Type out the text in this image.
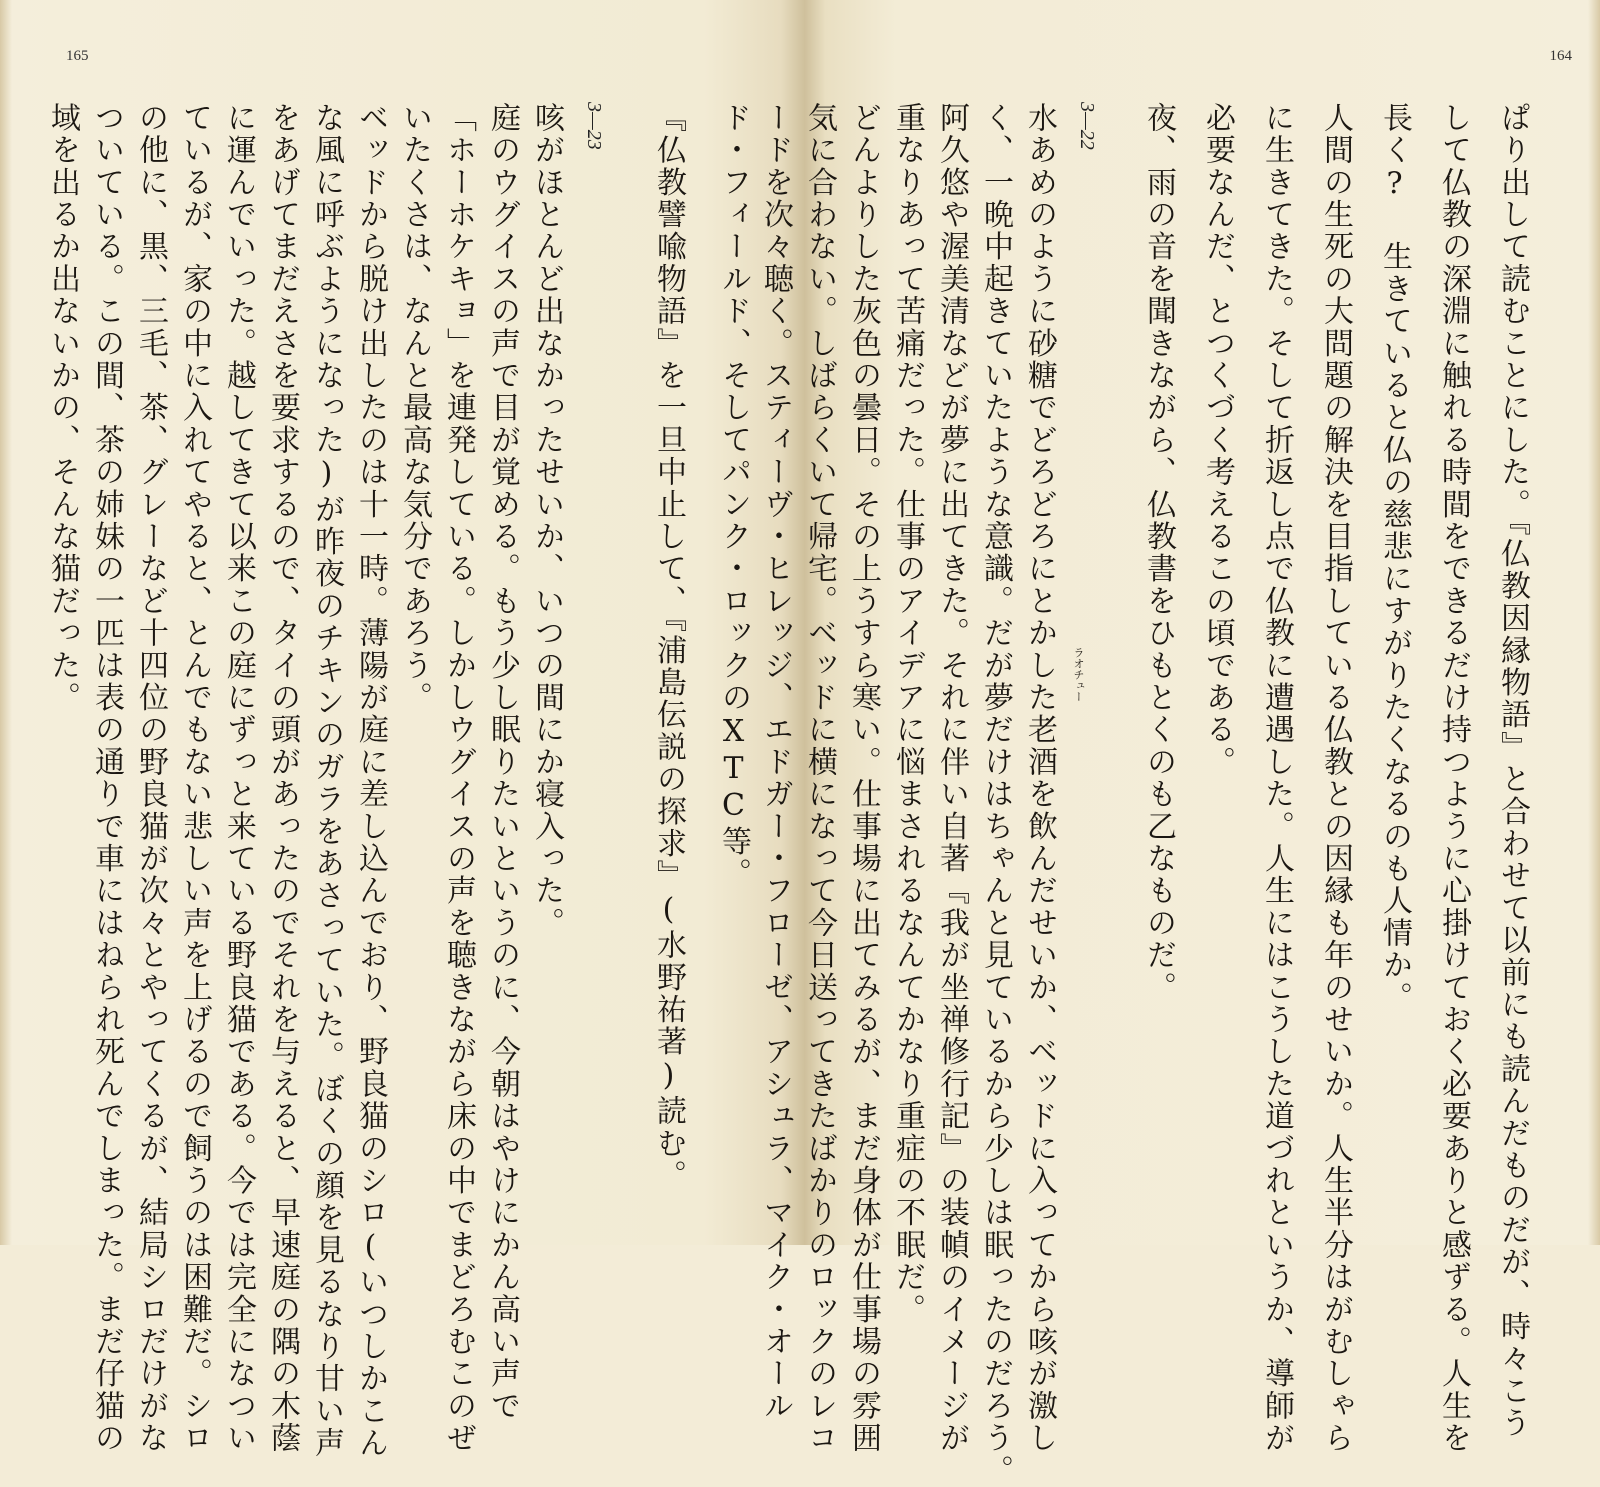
165
ド・フィールド、そしてパンク・ロックのXTC等。
『仏教譬喩物語』を一旦中止して、『浦島伝説の探求』(水野祐著)読む。
3—23
咳がほとんど出なかったせいか、いつの間にか寝入った。
庭のウグイスの声で目が覚める。もう少し眠りたいというのに、今朝はやけにかん高い声で
「ホーホケキョ」を連発している。しかしウグイスの声を聴きながら床の中でまどろむこのぜ
いたくさは、なんと最高な気分であろう。
ベッドから脱け出したのは十一時。薄陽が庭に差し込んでおり、野良猫のシロ(いつしかこん
な風に呼ぶようになった)が昨夜のチキンのガラをあさっていた。ぼくの顔を見るなり甘い声
をあげてまだえさを要求するので、タイの頭があったのでそれを与えると、早速庭の隅の木蔭
に運んでいった。越してきて以来この庭にずっと来ている野良猫である。今では完全になつい
ているが、家の中に入れてやると、とんでもない悲しい声を上げるので飼うのは困難だ。シロ
の他に、黒、三毛、茶、グレーなど十四位の野良猫が次々とやってくるが、結局シロだけがな
ついている。この間、茶の姉妹の一匹は表の通りで車にはねられ死んでしまった。まだ仔猫の
域を出るか出ないかの、そんな猫だった。
164
ぱり出して読むことにした。『仏教因縁物語』と合わせて以前にも読んだものだが、時々こう
して仏教の深淵に触れる時間をできるだけ持つように心掛けておく必要ありと感ずる。人生を
長く? 生きていると仏の慈悲にすがりたくなるのも人情か。
人間の生死の大問題の解決を目指している仏教との因縁も年のせいか。人生半分はがむしゃら
に生きてきた。そして折返し点で仏教に遭遇した。人生にはこうした道づれというか、導師が
必要なんだ、とつくづく考えるこの頃である。
夜、雨の音を聞きながら、仏教書をひもとくのも乙なものだ。
3—22
ラオチュー
水あめのように砂糖でどろどろにとかした老酒を飲んだせいか、ベッドに入ってから咳が激し
く、一晩中起きていたような意識。だが夢だけはちゃんと見ているから少しは眠ったのだろう。
阿久悠や渥美清などが夢に出てきた。それに伴い自著『我が坐禅修行記』の装幀のイメージが
重なりあって苦痛だった。仕事のアイデアに悩まされるなんてかなり重症の不眠だ。
どんよりした灰色の曇日。その上うすら寒い。仕事場に出てみるが、まだ身体が仕事場の雰囲
気に合わない。しばらくいて帰宅。ベッドに横になって今日送ってきたばかりのロックのレコ
ードを次々聴く。スティーヴ・ヒレッジ、エドガー・フローゼ、アシュラ、マイク・オール
